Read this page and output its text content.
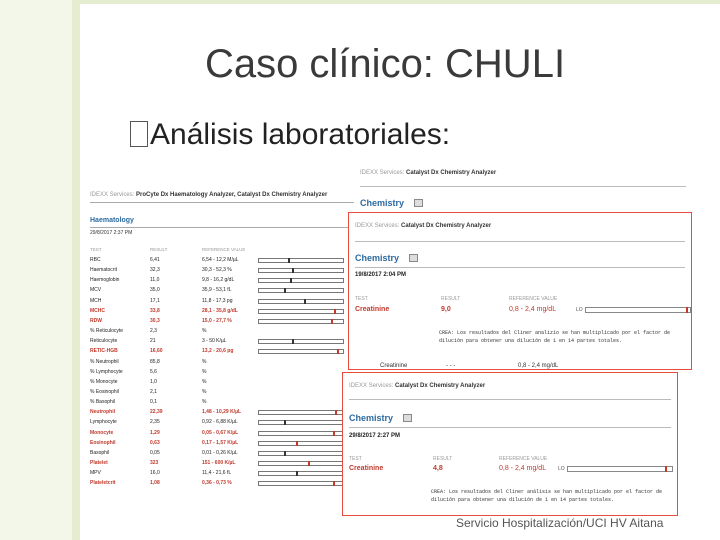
Caso clínico: CHULI
Análisis laboratoriales:
IDEXX Services: ProCyte Dx Haematology Analyzer, Catalyst Dx Chemistry Analyzer
Haematology
29/8/2017 2:37 PM
TEST	RESULT	REFERENCE VALUE
RBC	6,41	6,54 - 12,2 M/µL
Haematocrit	32,3	30,3 - 52,3 %
Haemoglobin	11,0	9,8 - 16,2 g/dL
MCV	35,0	35,9 - 53,1 fL
MCH	17,1	11,8 - 17,3 pg
MCHC	33,8	28,1 - 35,8 g/dL
RDW	30,3	15,0 - 27,7 %
% Reticulocyte	2,3	%
Reticulocyte	21	3 - 50 K/µL
RETIC-HGB	16,60	13,2 - 20,6 pg
% Neutrophil	85,8	%
% Lymphocyte	5,6	%
% Monocyte	1,0	%
% Eosinophil	2,1	%
% Basophil	0,1	%
Neutrophil	22,39	1,48 - 10,29 K/µL
Lymphocyte	2,35	0,92 - 6,88 K/µL
Monocyte	1,29	0,05 - 0,67 K/µL
Eosinophil	0,63	0,17 - 1,57 K/µL
Basophil	0,05	0,01 - 0,26 K/µL
Platelet	323	151 - 600 K/µL
MPV	16,0	11,4 - 21,6 fL
Plateletcrit	1,08	0,36 - 0,73 %
IDEXX Services: Catalyst Dx Chemistry Analyzer
Chemistry
IDEXX Services: Catalyst Dx Chemistry Analyzer
Chemistry
19/8/2017 2:04 PM
TEST	RESULT	REFERENCE VALUE
Creatinine	9,0	0,8 - 2,4 mg/dL	LO
CREA: Los resultados del Cliner analizio se han multiplicado por el factor de dilución para obtener una dilución de 1 en 14 partes totales.
Creatinine	- - -	0,8 - 2,4 mg/dL
IDEXX Services: Catalyst Dx Chemistry Analyzer
Chemistry
29/8/2017 2:27 PM
TEST	RESULT	REFERENCE VALUE
Creatinine	4,8	0,8 - 2,4 mg/dL LO
CREA: Los resultados del Cliner análisis se han multiplicado por el factor de dilución para obtener una dilución de 1 en 14 partes totales.
Servicio Hospitalización/UCI HV Aitana
